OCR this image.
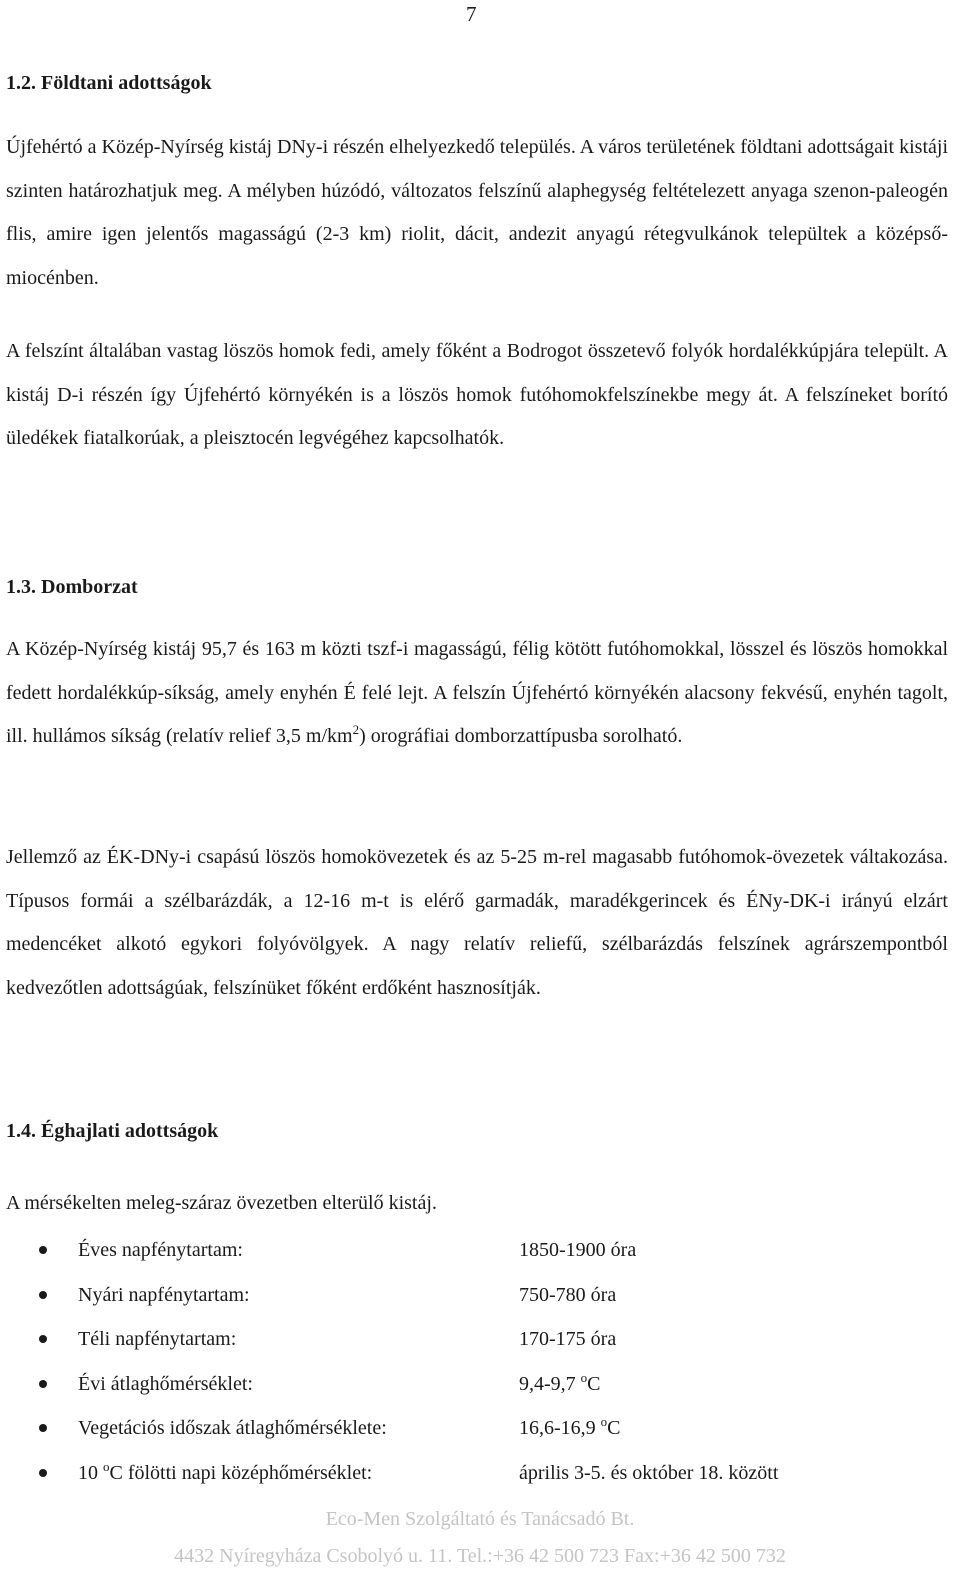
7
1.2. Földtani adottságok

Újfehértó a Közép-Nyírség kistáj DNy-i részén elhelyezkedő település. A város területének földtani adottságait kistáji szinten határozhatjuk meg. A mélyben húzódó, változatos felszínű alaphegység feltételezett anyaga szenon-paleogén flis, amire igen jelentős magasságú (2-3 km) riolit, dácit, andezit anyagú rétegvulkánok települtek a középső-miocénben.

A felszínt általában vastag löszös homok fedi, amely főként a Bodrogot összetevő folyók hordalékkúpjára települt. A kistáj D-i részén így Újfehértó környékén is a löszös homok futóhomokfelszínekbe megy át. A felszíneket borító üledékek fiatalkorúak, a pleisztocén legvégéhez kapcsolhatók.

1.3. Domborzat

A Közép-Nyírség kistáj 95,7 és 163 m közti tszf-i magasságú, félig kötött futóhomokkal, lösszel és löszös homokkal fedett hordalékkúp-síkság, amely enyhén É felé lejt. A felszín Újfehértó környékén alacsony fekvésű, enyhén tagolt, ill. hullámos síkság (relatív relief 3,5 $m/km^2$) orográfiai domborzattípusba sorolható.

Jellemző az ÉK-DNy-i csapású löszös homokövezetek és az 5-25 m-rel magasabb futóhomok-övezetek váltakozása. Típusos formái a szélbarázdák, a 12-16 m-t is elérő garmadák, maradékgerincek és ÉNy-DK-i irányú elzárt medencéket alkotó egykori folyóvölgyek. A nagy relatív reliefű, szélbarázdás felszínek agrárszempontból kedvezőtlen adottságúak, felszínüket főként erdőként hasznosítják.

1.4. Éghajlati adottságok

A mérsékelten meleg-száraz övezetben elterülő kistáj.

Éves napfénytartam:	1850-1900 óra
Nyári napfénytartam:	750-780 óra
Téli napfénytartam:	170-175 óra
Évi átlaghőmérséklet:	9,4-9,7 $^o$C
Vegetációs időszak átlaghőmérséklete:	16,6-16,9 $^o$C
10 $^o$C fölötti napi középhőmérséklet:	április 3-5. és október 18. között
Eco-Men Szolgáltató és Tanácsadó Bt.
4432 Nyíregyháza Csobolyó u. 11. Tel.:+36 42 500 723 Fax:+36 42 500 732
